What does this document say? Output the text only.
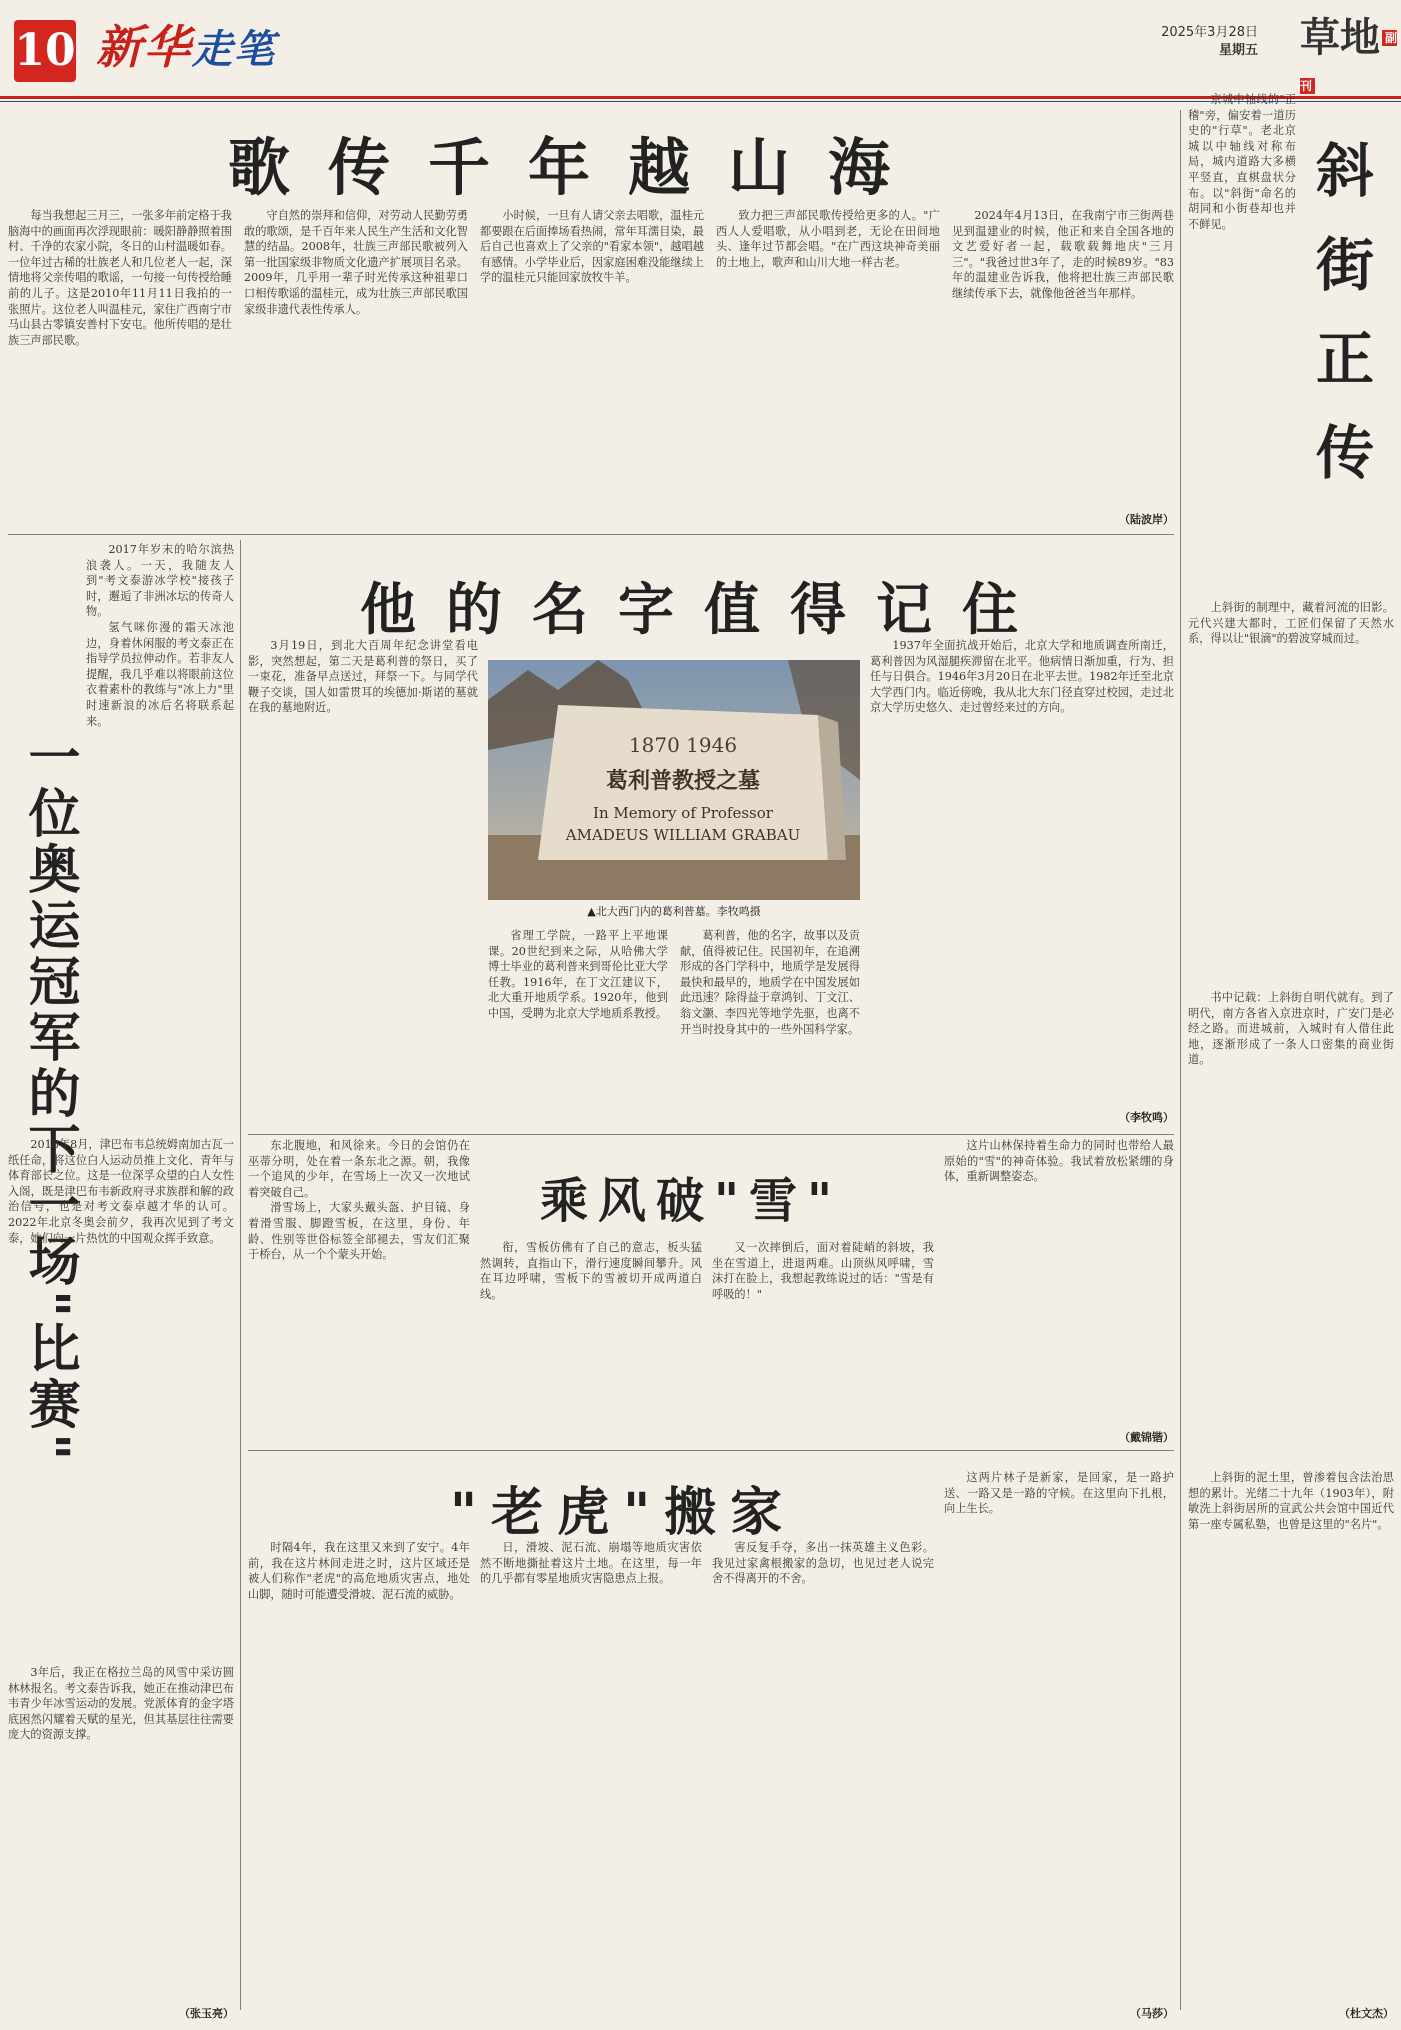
10 新华走笔	2025年3月28日
星期五 草地 $^{副刊}$
歌传千年越山海

每当我想起三月三，一张多年前定格于我脑海中的画面再次浮现眼前：暖阳静静照着围村、千净的农家小院，冬日的山村温暖如春。一位年过古稀的壮族老人和几位老人一起，深情地将父亲传唱的歌谣，一句接一句传授给睡前的儿子。这是2010年11月11日我拍的一张照片。这位老人叫温桂元，家住广西南宁市马山县古零镇安善村下安屯。他所传唱的是壮族三声部民歌。

守自然的崇拜和信仰，对劳动人民勤劳勇敢的歌颂，是千百年来人民生产生活和文化智慧的结晶。2008年，壮族三声部民歌被列入第一批国家级非物质文化遗产扩展项目名录。2009年，几乎用一辈子时光传承这种祖辈口口相传歌谣的温桂元，成为壮族三声部民歌国家级非遗代表性传承人。

小时候，一旦有人请父亲去唱歌，温桂元都要跟在后面捧场看热闹，常年耳濡目染，最后自己也喜欢上了父亲的"看家本领"，越唱越有感情。小学毕业后，因家庭困难没能继续上学的温桂元只能回家放牧牛羊。

致力把三声部民歌传授给更多的人。"广西人人爱唱歌，从小唱到老，无论在田间地头、逢年过节都会唱。"在广西这块神奇美丽的土地上，歌声和山川大地一样古老。

2024年4月13日，在我南宁市三街两巷见到温建业的时候，他正和来自全国各地的文艺爱好者一起，载歌载舞地庆"三月三"。"我爸过世3年了，走的时候89岁。"83年的温建业告诉我，他将把壮族三声部民歌继续传承下去，就像他爸爸当年那样。

（陆波岸）
斜街正传

京城中轴线的"正稽"旁，偏安着一道历史的"行草"。老北京城以中轴线对称布局，城内道路大多横平竖直，直棋盘状分布。以"斜街"命名的胡同和小街巷却也并不鲜见。

上斜街的制理中，藏着河流的旧影。元代兴建大都时，工匠们保留了天然水系，得以让"银滴"的碧波穿城而过。

书中记载：上斜街自明代就有。到了明代，南方各省入京进京时，广安门是必经之路。而进城前，入城时有人借住此地，逐渐形成了一条人口密集的商业街道。

上斜街的泥土里，曾渗着包含法治思想的累计。光绪二十九年（1903年），附敏洗上斜街居所的宣武公共会馆中国近代第一座专属私塾，也曾是这里的"名片"。

（杜文杰）
一位奥运冠军的下一场"比赛"

2017年岁末的哈尔滨热浪袭人。一天，我随友人到"考文泰游冰学校"接孩子时，邂逅了非洲冰坛的传奇人物。

氢气咪你漫的霜天冰池边，身着休闲服的考文泰正在指导学员拉伸动作。若非友人提醒，我几乎难以将眼前这位衣着素朴的教练与"冰上力"里时速新浪的冰后名将联系起来。

2018年8月，津巴布韦总统姆南加古瓦一纸任命，将这位白人运动员推上文化、青年与体育部长之位。这是一位深孚众望的白人女性入阁，既是津巴布韦新政府寻求族群和解的政治信号，也是对考文泰卓越才华的认可。2022年北京冬奥会前夕，我再次见到了考文泰，她们向一片热忱的中国观众挥手致意。

3年后，我正在格拉兰岛的风雪中采访圆林林报名。考文泰告诉我，她正在推动津巴布韦青少年冰雪运动的发展。党派体育的金字塔底困然闪耀着天赋的星光，但其基层往往需要庞大的资源支撑。

（张玉亮）
他的名字值得记住

3月19日，到北大百周年纪念讲堂看电影，突然想起，第二天是葛利普的祭日，买了一束花，准备早点送过，拜祭一下。与同学代鞭子交谈，国人如雷贯耳的埃德加·斯诺的墓就在我的墓地附近。

1870 1946
葛利普教授之墓
In Memory of Professor
AMADEUS WILLIAM GRABAU
▲北大西门内的葛利普墓。李牧鸣摄

省理工学院，一路平上平地课课。20世纪到来之际，从哈佛大学博士毕业的葛利普来到哥伦比亚大学任教。1916年，在丁文江建议下，北大重开地质学系。1920年，他到中国，受聘为北京大学地质系教授。

葛利普，他的名字，故事以及贡献，值得被记住。民国初年，在追溯形成的各门学科中，地质学是发展得最快和最早的，地质学在中国发展如此迅速？除得益于章鸿钊、丁文江、翁文灏、李四光等地学先驱，也离不开当时投身其中的一些外国科学家。

1937年全面抗战开始后，北京大学和地质调查所南迁，葛利普因为风湿腿疾滞留在北平。他病情日渐加重，行为、担任与日俱合。1946年3月20日在北平去世。1982年迁至北京大学西门内。临近傍晚，我从北大东门径直穿过校园，走过北京大学历史悠久、走过曾经来过的方向。

（李牧鸣）
乘风破"雪"

东北腹地，和风徐来。今日的会馆仍在巫蒂分明，处在着一条东北之源。朝，我像一个追风的少年，在雪场上一次又一次地试着突破自己。

滑雪场上，大家头戴头盔、护目镜、身着滑雪服、脚蹬雪板，在这里，身份、年龄、性别等世俗标签全部褪去，雪友们汇聚于桥台，从一个个蒙头开始。

衔，雪板仿佛有了自己的意志，板头猛然调转，直指山下，滑行速度瞬间攀升。风在耳边呼啸，雪板下的雪被切开成两道白线。

又一次摔倒后，面对着陡峭的斜坡，我坐在雪道上，进退两难。山顶纵风呼啸，雪沫打在脸上，我想起教练说过的话："雪是有呼吸的！"

这片山林保持着生命力的同时也带给人最原始的"雪"的神奇体验。我试着放松紧绷的身体，重新调整姿态。

（戴锦锴）
"老虎"搬家

时隔4年，我在这里又来到了安宁。4年前，我在这片林间走进之时，这片区域还是被人们称作"老虎"的高危地质灾害点，地处山脚，随时可能遭受滑坡、泥石流的威胁。

日，滑坡、泥石流、崩塌等地质灾害依然不断地撕扯着这片土地。在这里，每一年的几乎都有零星地质灾害隐患点上报。

害反复手夺，多出一抹英雄主义色彩。我见过家禽根搬家的急切，也见过老人说完舍不得离开的不舍。

这两片林子是新家，是回家，是一路护送、一路又是一路的守候。在这里向下扎根，向上生长。

（马莎）
